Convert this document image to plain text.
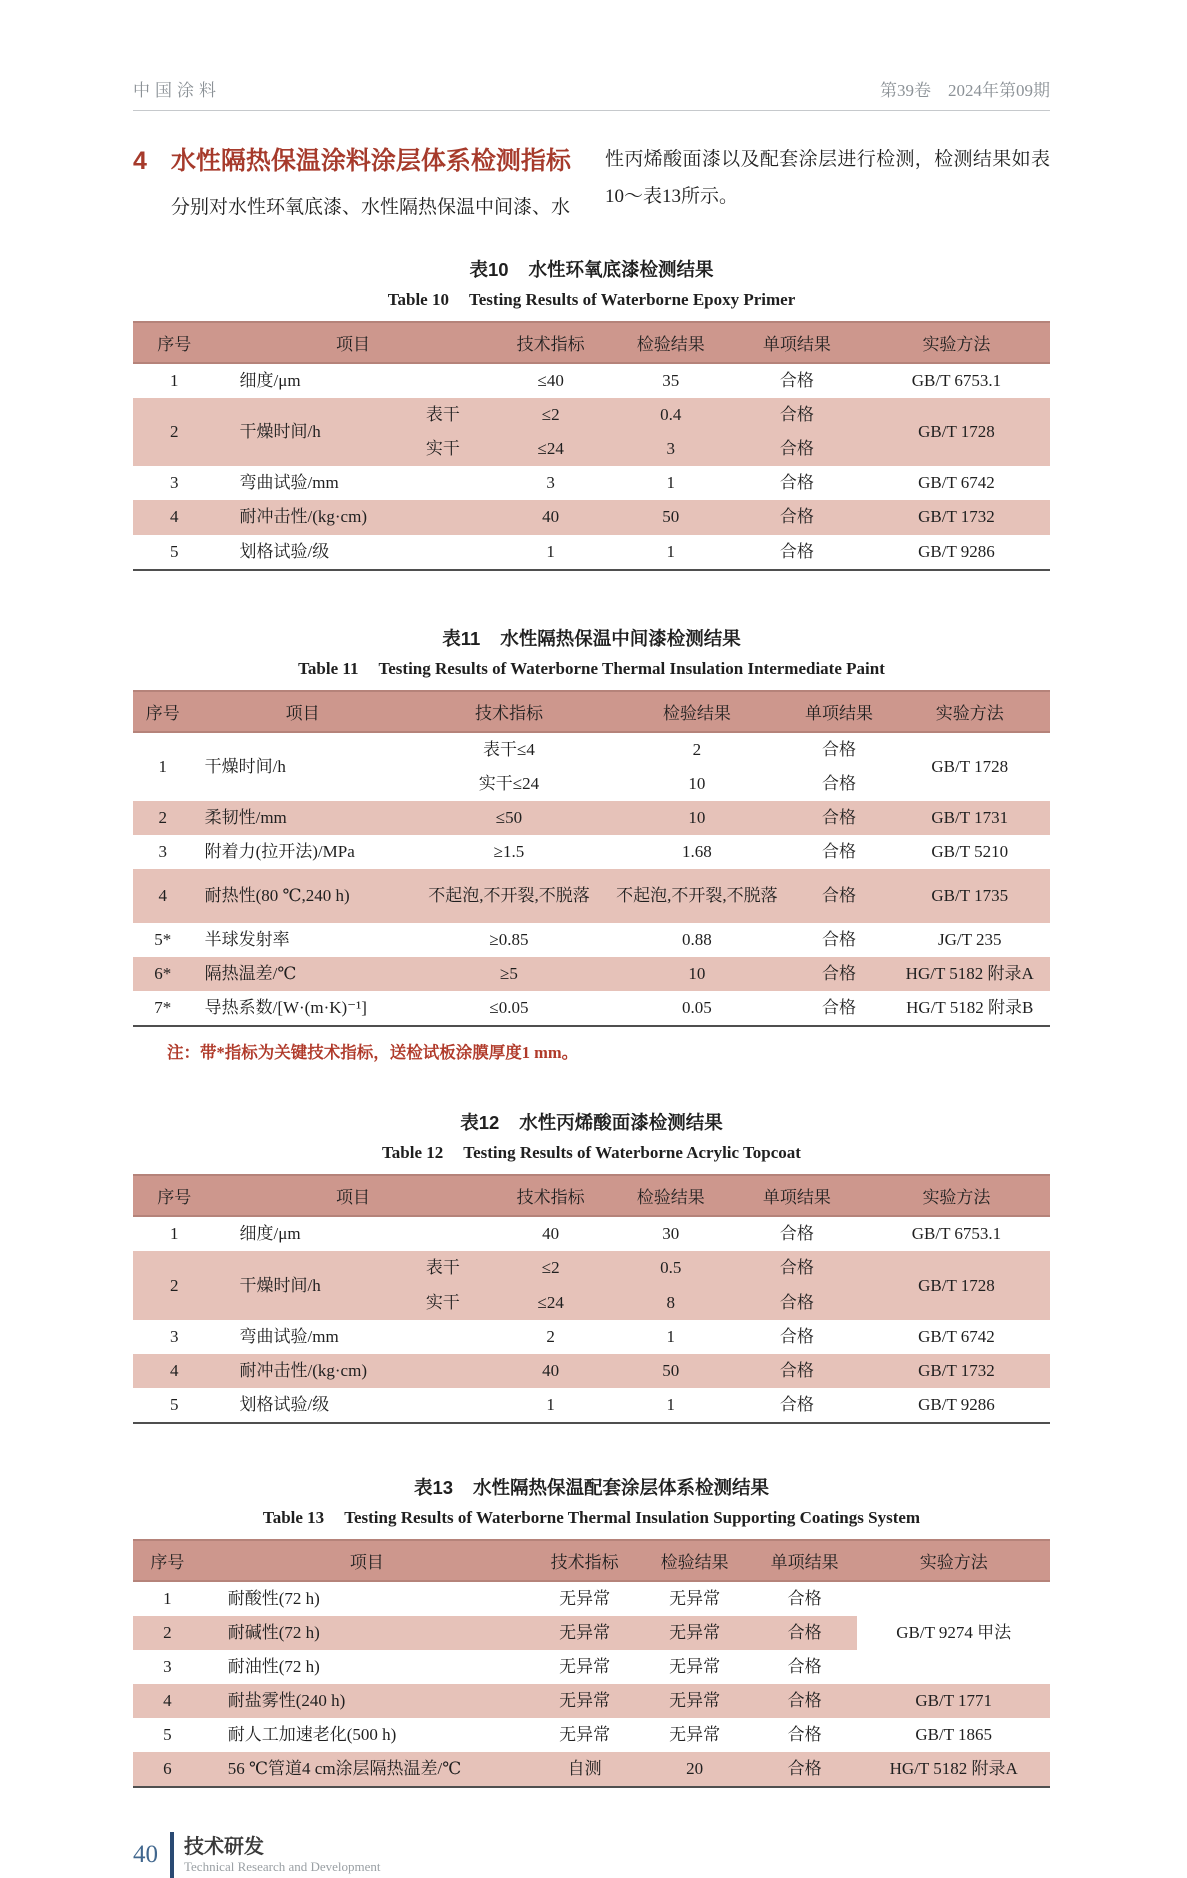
中国涂料	第39卷　2024年第09期
4 水性隔热保温涂料涂层体系检测指标

分别对水性环氧底漆、水性隔热保温中间漆、水

性丙烯酸面漆以及配套涂层进行检测，检测结果如表10～表13所示。

表10 水性环氧底漆检测结果
Table 10 Testing Results of Waterborne Epoxy Primer
序号	项目		技术指标	检验结果	单项结果	实验方法
1	细度/μm		≤40	35	合格	GB/T 6753.1
2	干燥时间/h	表干	≤2	0.4	合格	GB/T 1728
		实干	≤24	3	合格	
3	弯曲试验/mm		3	1	合格	GB/T 6742
4	耐冲击性/(kg·cm)		40	50	合格	GB/T 1732
5	划格试验/级		1	1	合格	GB/T 9286
表11 水性隔热保温中间漆检测结果
Table 11 Testing Results of Waterborne Thermal Insulation Intermediate Paint
序号	项目	技术指标	检验结果	单项结果	实验方法
1	干燥时间/h	表干≤4	2	合格	GB/T 1728
		实干≤24	10	合格	
2	柔韧性/mm	≤50	10	合格	GB/T 1731
3	附着力(拉开法)/MPa	≥1.5	1.68	合格	GB/T 5210
4	耐热性(80 ℃,240 h)	不起泡,不开裂,不脱落	不起泡,不开裂,不脱落	合格	GB/T 1735
5*	半球发射率	≥0.85	0.88	合格	JG/T 235
6*	隔热温差/℃	≥5	10	合格	HG/T 5182 附录A
7*	导热系数/[W·(m·K)⁻¹]	≤0.05	0.05	合格	HG/T 5182 附录B
注：带*指标为关键技术指标，送检试板涂膜厚度1 mm。
表12 水性丙烯酸面漆检测结果
Table 12 Testing Results of Waterborne Acrylic Topcoat
序号	项目		技术指标	检验结果	单项结果	实验方法
1	细度/μm		40	30	合格	GB/T 6753.1
2	干燥时间/h	表干	≤2	0.5	合格	GB/T 1728
		实干	≤24	8	合格	
3	弯曲试验/mm		2	1	合格	GB/T 6742
4	耐冲击性/(kg·cm)		40	50	合格	GB/T 1732
5	划格试验/级		1	1	合格	GB/T 9286
表13 水性隔热保温配套涂层体系检测结果
Table 13 Testing Results of Waterborne Thermal Insulation Supporting Coatings System
序号	项目	技术指标	检验结果	单项结果	实验方法
1	耐酸性(72 h)	无异常	无异常	合格	GB/T 9274 甲法
2	耐碱性(72 h)	无异常	无异常	合格	
3	耐油性(72 h)	无异常	无异常	合格	
4	耐盐雾性(240 h)	无异常	无异常	合格	GB/T 1771
5	耐人工加速老化(500 h)	无异常	无异常	合格	GB/T 1865
6	56 ℃管道4 cm涂层隔热温差/℃	自测	20	合格	HG/T 5182 附录A
40 技术研发
Technical Research and Development
